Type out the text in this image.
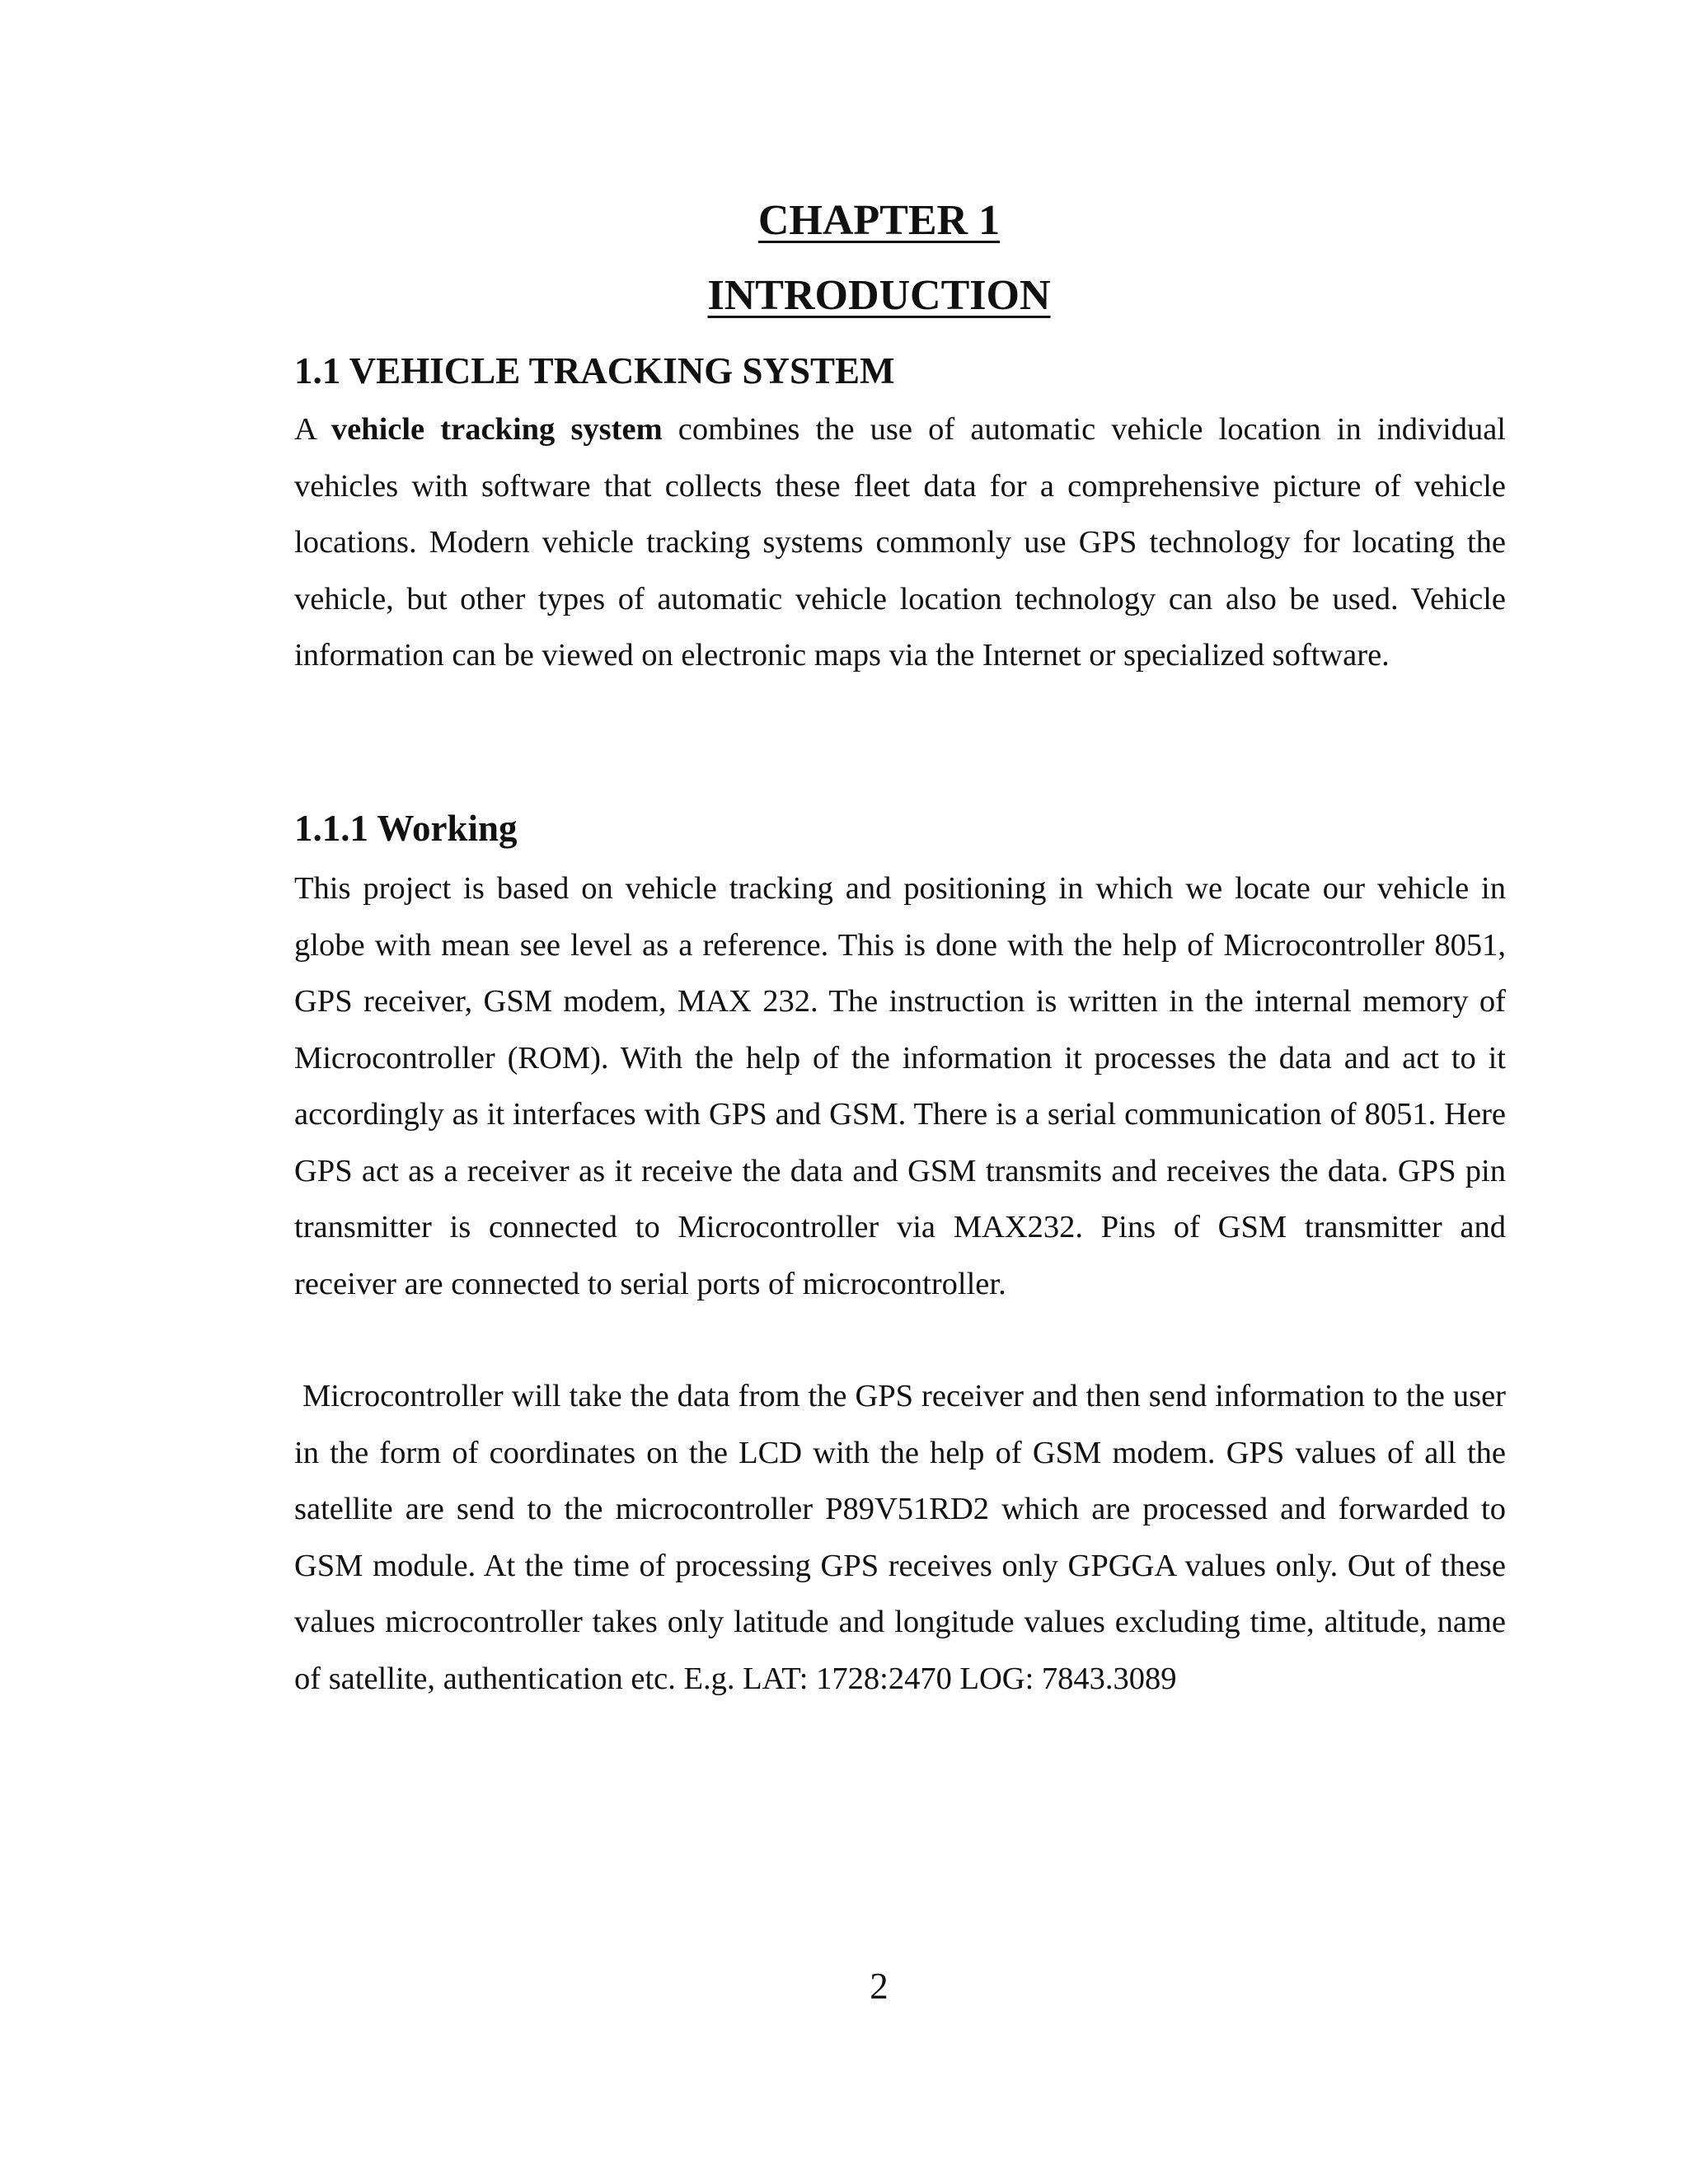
CHAPTER 1
INTRODUCTION
1.1 VEHICLE TRACKING SYSTEM

A vehicle tracking system combines the use of automatic vehicle location in individual vehicles with software that collects these fleet data for a comprehensive picture of vehicle locations. Modern vehicle tracking systems commonly use GPS technology for locating the vehicle, but other types of automatic vehicle location technology can also be used. Vehicle information can be viewed on electronic maps via the Internet or specialized software.

1.1.1 Working

This project is based on vehicle tracking and positioning in which we locate our vehicle in globe with mean see level as a reference. This is done with the help of Microcontroller 8051, GPS receiver, GSM modem, MAX 232. The instruction is written in the internal memory of Microcontroller (ROM). With the help of the information it processes the data and act to it accordingly as it interfaces with GPS and GSM. There is a serial communication of 8051. Here GPS act as a receiver as it receive the data and GSM transmits and receives the data. GPS pin transmitter is connected to Microcontroller via MAX232. Pins of GSM transmitter and receiver are connected to serial ports of microcontroller.

Microcontroller will take the data from the GPS receiver and then send information to the user in the form of coordinates on the LCD with the help of GSM modem. GPS values of all the satellite are send to the microcontroller P89V51RD2 which are processed and forwarded to GSM module. At the time of processing GPS receives only GPGGA values only. Out of these values microcontroller takes only latitude and longitude values excluding time, altitude, name of satellite, authentication etc. E.g. LAT: 1728:2470 LOG: 7843.3089

2
